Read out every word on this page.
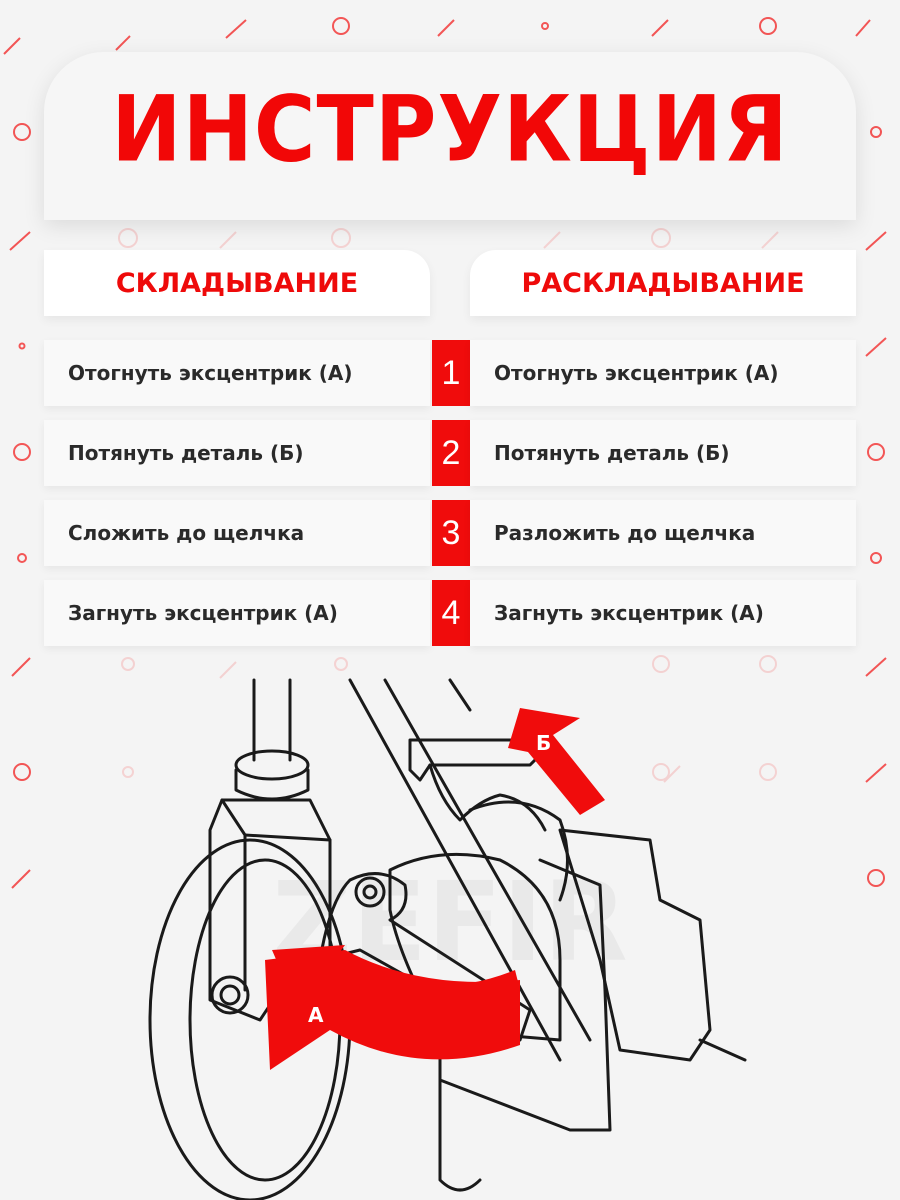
ИНСТРУКЦИЯ
СКЛАДЫВАНИЕ	РАСКЛАДЫВАНИЕ
Отогнуть эксцентрик (А)	1	Отогнуть эксцентрик (А)
Потянуть деталь (Б)	2	Потянуть деталь (Б)
Сложить до щелчка	3	Разложить до щелчка
Загнуть эксцентрик (А)	4	Загнуть эксцентрик (А)
А
Б
